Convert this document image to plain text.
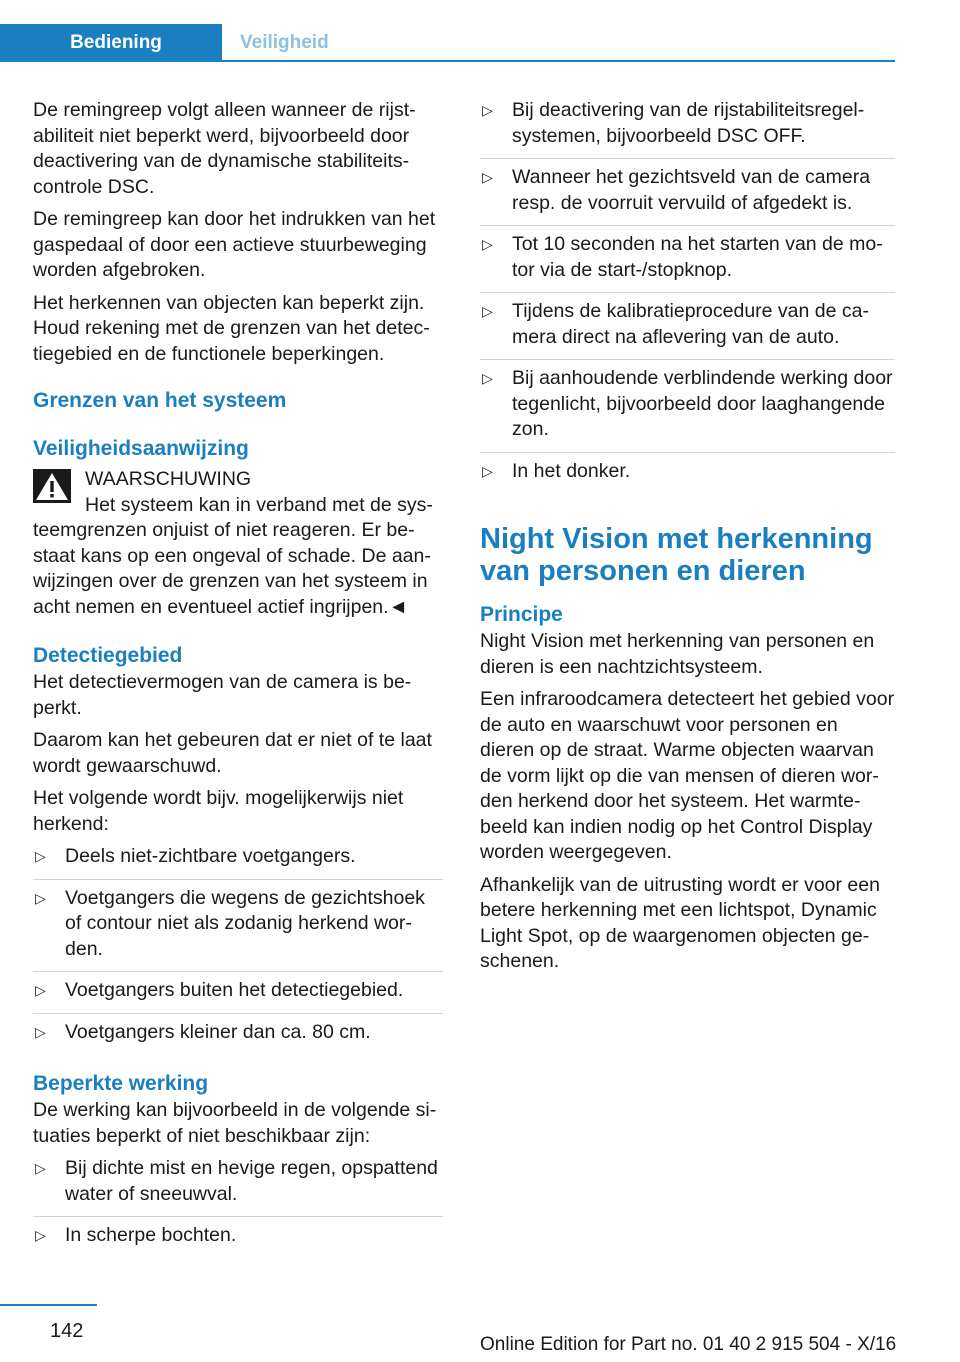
Bediening	Veiligheid

De remingreep volgt alleen wanneer de rijstabiliteit niet beperkt werd, bijvoorbeeld door deactivering van de dynamische stabiliteitscontrole DSC.

De remingreep kan door het indrukken van het gaspedaal of door een actieve stuurbeweging worden afgebroken.

Het herkennen van objecten kan beperkt zijn. Houd rekening met de grenzen van het detectiegebied en de functionele beperkingen.

Grenzen van het systeem
Veiligheidsaanwijzing
WAARSCHUWING

Het systeem kan in verband met de systeemgrenzen onjuist of niet reageren. Er bestaat kans op een ongeval of schade. De aanwijzingen over de grenzen van het systeem in acht nemen en eventueel actief ingrijpen.◄

Detectiegebied

Het detectievermogen van de camera is beperkt.

Daarom kan het gebeuren dat er niet of te laat wordt gewaarschuwd.

Het volgende wordt bijv. mogelijkerwijs niet herkend:

▷ Deels niet-zichtbare voetgangers.
▷ Voetgangers die wegens de gezichtshoek of contour niet als zodanig herkend worden.
▷ Voetgangers buiten het detectiegebied.
▷ Voetgangers kleiner dan ca. 80 cm.
Beperkte werking

De werking kan bijvoorbeeld in de volgende situaties beperkt of niet beschikbaar zijn:

▷ Bij dichte mist en hevige regen, opspattend water of sneeuwval.
▷ In scherpe bochten.
▷ Bij deactivering van de rijstabiliteitsregelsystemen, bijvoorbeeld DSC OFF.
▷ Wanneer het gezichtsveld van de camera resp. de voorruit vervuild of afgedekt is.
▷ Tot 10 seconden na het starten van de motor via de start-/stopknop.
▷ Tijdens de kalibratieprocedure van de camera direct na aflevering van de auto.
▷ Bij aanhoudende verblindende werking door tegenlicht, bijvoorbeeld door laaghangende zon.
▷ In het donker.
Night Vision met herkenning van personen en dieren
Principe

Night Vision met herkenning van personen en dieren is een nachtzichtsysteem.

Een infraroodcamera detecteert het gebied voor de auto en waarschuwt voor personen en dieren op de straat. Warme objecten waarvan de vorm lijkt op die van mensen of dieren worden herkend door het systeem. Het warmtebeeld kan indien nodig op het Control Display worden weergegeven.

Afhankelijk van de uitrusting wordt er voor een betere herkenning met een lichtspot, Dynamic Light Spot, op de waargenomen objecten geschenen.

142
Online Edition for Part no. 01 40 2 915 504 - X/16
